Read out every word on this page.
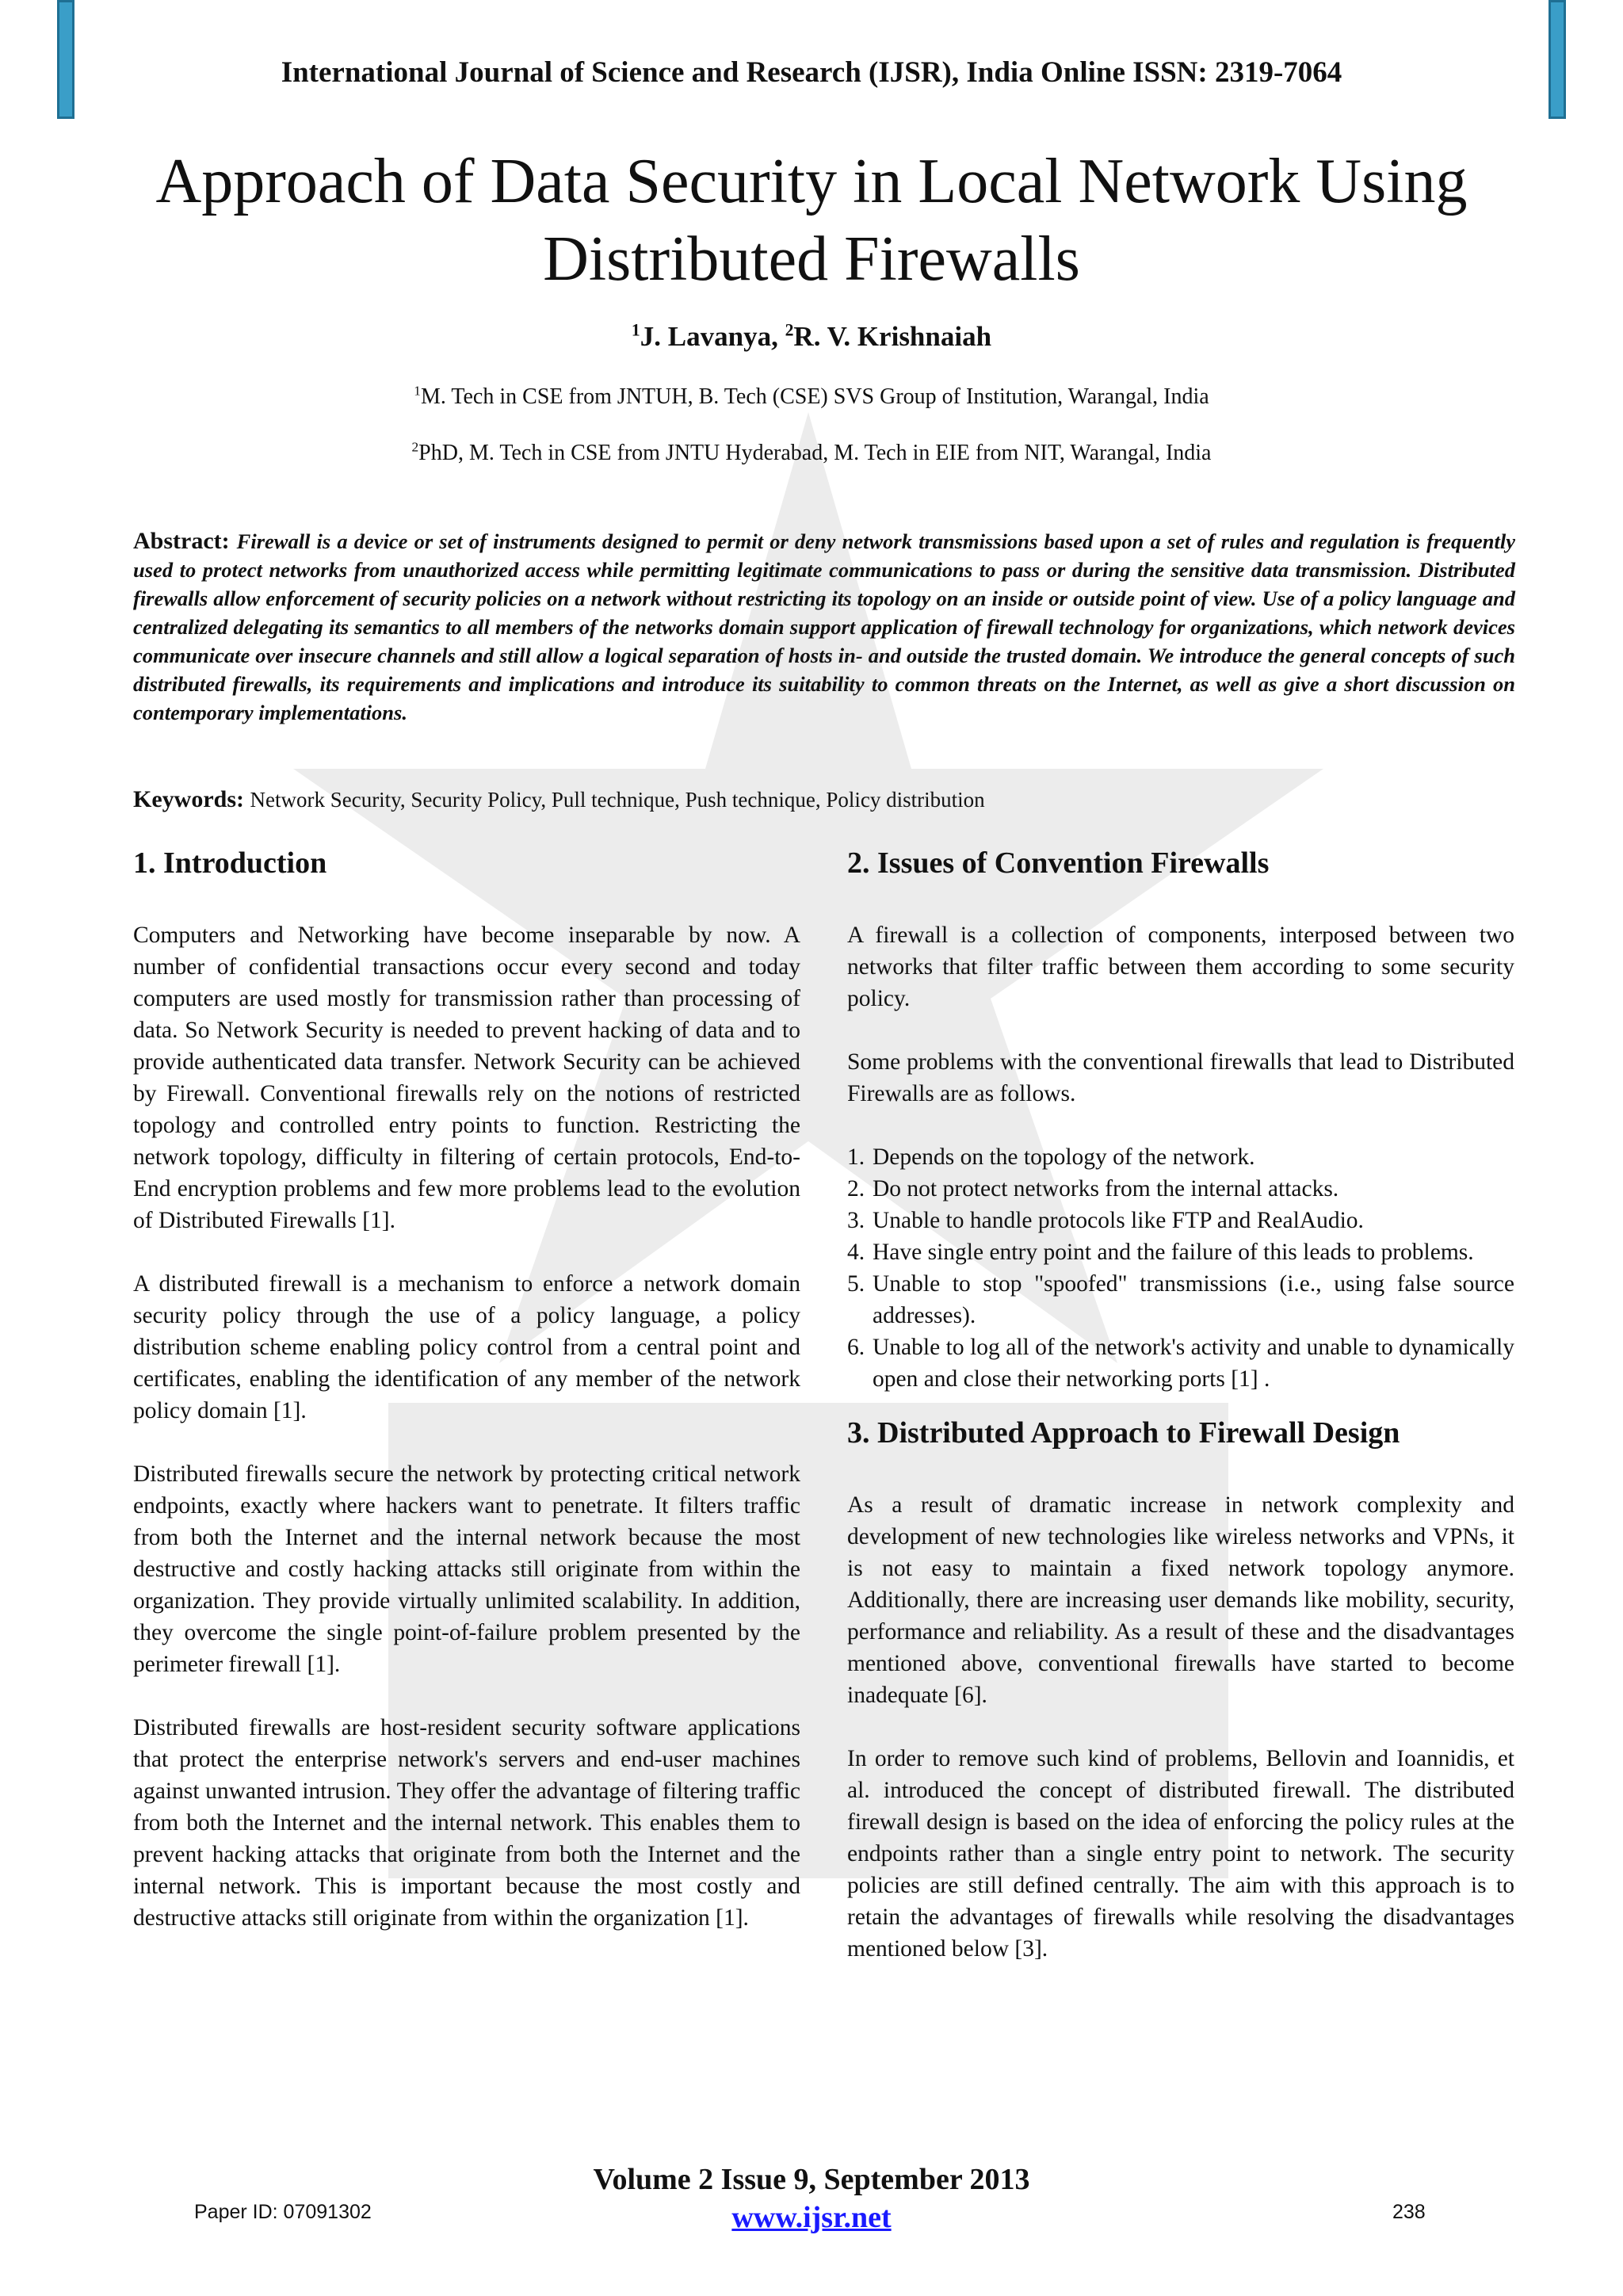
International Journal of Science and Research (IJSR), India Online ISSN: 2319-7064
Approach of Data Security in Local Network Using
Distributed Firewalls
$^1$J. Lavanya, $^2$R. V. Krishnaiah
$^1$M. Tech in CSE from JNTUH, B. Tech (CSE) SVS Group of Institution, Warangal, India
$^2$PhD, M. Tech in CSE from JNTU Hyderabad, M. Tech in EIE from NIT, Warangal, India
Abstract: Firewall is a device or set of instruments designed to permit or deny network transmissions based upon a set of rules and regulation is frequently used to protect networks from unauthorized access while permitting legitimate communications to pass or during the sensitive data transmission. Distributed firewalls allow enforcement of security policies on a network without restricting its topology on an inside or outside point of view. Use of a policy language and centralized delegating its semantics to all members of the networks domain support application of firewall technology for organizations, which network devices communicate over insecure channels and still allow a logical separation of hosts in- and outside the trusted domain. We introduce the general concepts of such distributed firewalls, its requirements and implications and introduce its suitability to common threats on the Internet, as well as give a short discussion on contemporary implementations.
Keywords: Network Security, Security Policy, Pull technique, Push technique, Policy distribution
1. Introduction

Computers and Networking have become inseparable by now. A number of confidential transactions occur every second and today computers are used mostly for transmission rather than processing of data. So Network Security is needed to prevent hacking of data and to provide authenticated data transfer. Network Security can be achieved by Firewall. Conventional firewalls rely on the notions of restricted topology and controlled entry points to function. Restricting the network topology, difficulty in filtering of certain protocols, End-to-End encryption problems and few more problems lead to the evolution of Distributed Firewalls [1].

A distributed firewall is a mechanism to enforce a network domain security policy through the use of a policy language, a policy distribution scheme enabling policy control from a central point and certificates, enabling the identification of any member of the network policy domain [1].

Distributed firewalls secure the network by protecting critical network endpoints, exactly where hackers want to penetrate. It filters traffic from both the Internet and the internal network because the most destructive and costly hacking attacks still originate from within the organization. They provide virtually unlimited scalability. In addition, they overcome the single point-of-failure problem presented by the perimeter firewall [1].

Distributed firewalls are host-resident security software applications that protect the enterprise network's servers and end-user machines against unwanted intrusion. They offer the advantage of filtering traffic from both the Internet and the internal network. This enables them to prevent hacking attacks that originate from both the Internet and the internal network. This is important because the most costly and destructive attacks still originate from within the organization [1].

2. Issues of Convention Firewalls

A firewall is a collection of components, interposed between two networks that filter traffic between them according to some security policy.

Some problems with the conventional firewalls that lead to Distributed Firewalls are as follows.

1. Depends on the topology of the network.
2. Do not protect networks from the internal attacks.
3. Unable to handle protocols like FTP and RealAudio.
4. Have single entry point and the failure of this leads to problems.
5. Unable to stop "spoofed" transmissions (i.e., using false source addresses).
6. Unable to log all of the network's activity and unable to dynamically open and close their networking ports [1] .
3. Distributed Approach to Firewall Design

As a result of dramatic increase in network complexity and development of new technologies like wireless networks and VPNs, it is not easy to maintain a fixed network topology anymore. Additionally, there are increasing user demands like mobility, security, performance and reliability. As a result of these and the disadvantages mentioned above, conventional firewalls have started to become inadequate [6].

In order to remove such kind of problems, Bellovin and Ioannidis, et al. introduced the concept of distributed firewall. The distributed firewall design is based on the idea of enforcing the policy rules at the endpoints rather than a single entry point to network. The security policies are still defined centrally. The aim with this approach is to retain the advantages of firewalls while resolving the disadvantages mentioned below [3].

Volume 2 Issue 9, September 2013
www.ijsr.net
Paper ID: 07091302	238
